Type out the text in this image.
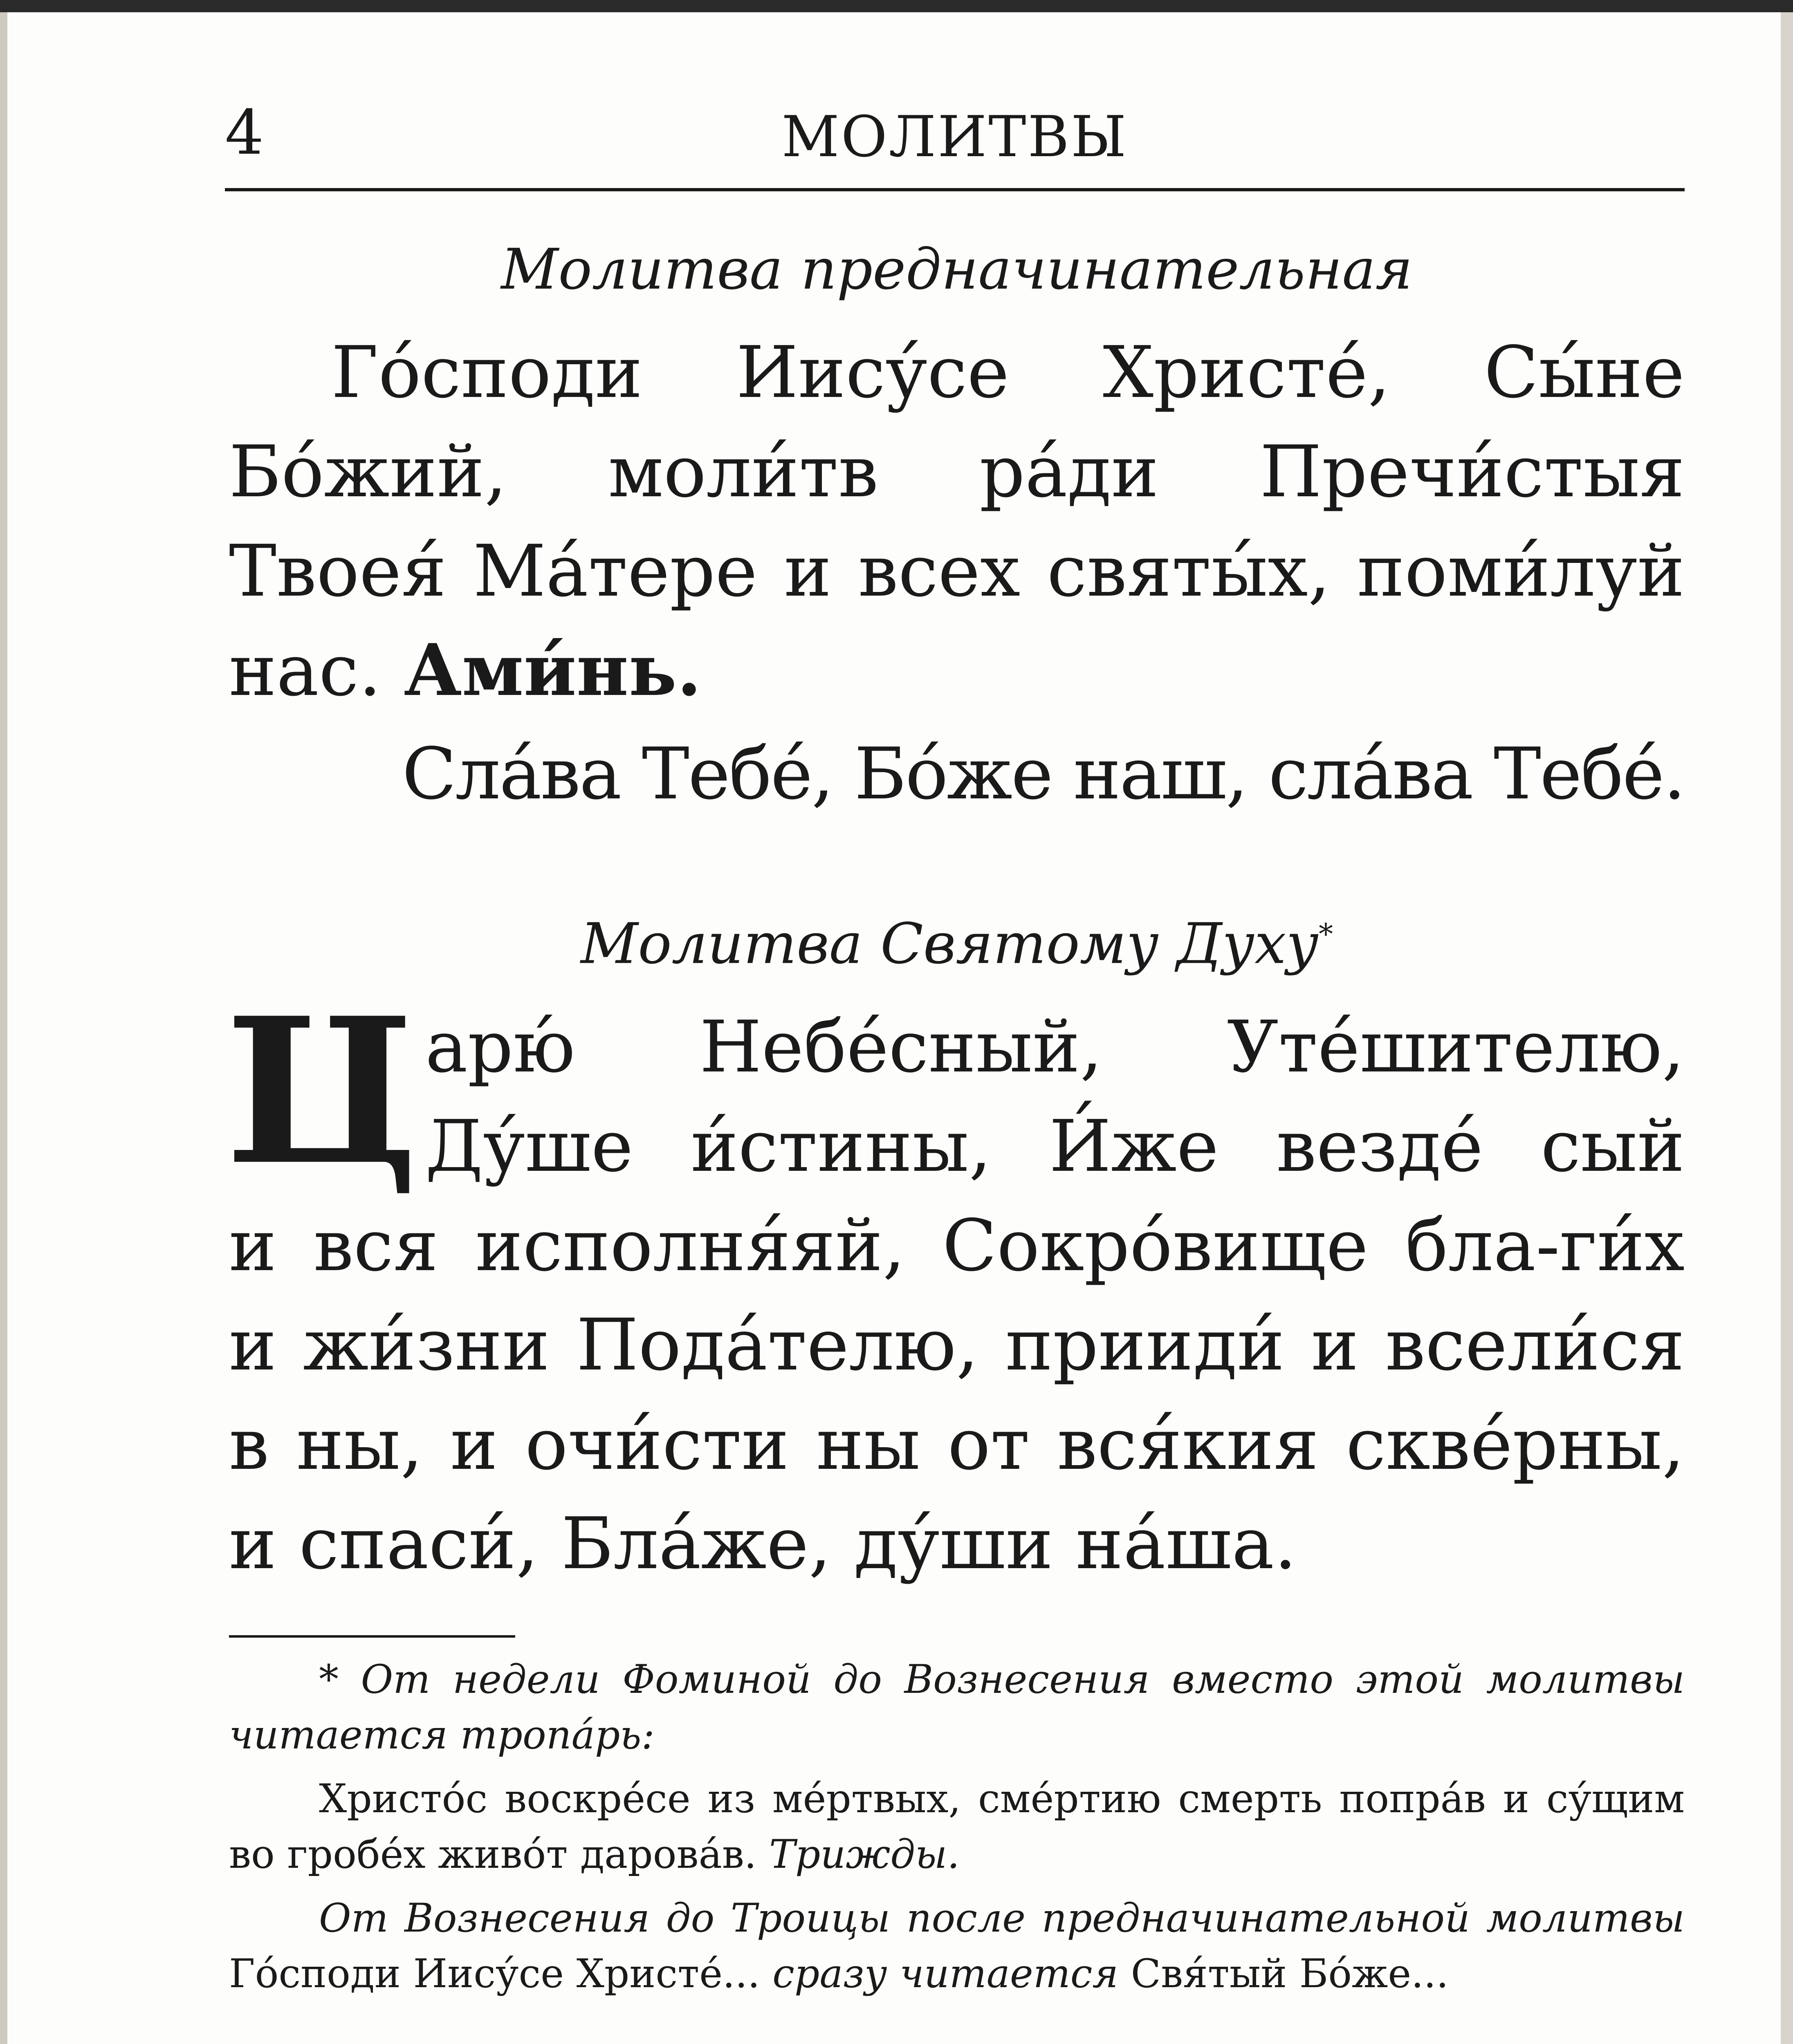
4	МОЛИТВЫ
Молитва предначинательная

Го́споди Иису́се Христе́, Сы́не Бо́жий, моли́тв ра́ди Пречи́стыя Твоея́ Ма́тере и всех святы́х, поми́луй нас. Ами́нь.

Сла́ва Тебе́, Бо́же наш, сла́ва Тебе́.

Молитва Святому Духу*
Ц арю́ Небе́сный, Уте́шителю,
Ду́ше и́стины, И́же везде́ сый

и вся исполня́яй, Сокро́вище бла-ги́х и жи́зни Пода́телю, прииди́ и всели́ся в ны, и очи́сти ны от вся́кия скве́рны, и спаси́, Бла́же, ду́ши на́ша.

* От недели Фоминой до Вознесения вместо этой молитвы читается тропа́рь:

Христо́с воскре́се из ме́ртвых, сме́ртию смерть попра́в и су́щим во гробе́х живо́т дарова́в. Трижды.

От Вознесения до Троицы после предначинательной молитвы Го́споди Иису́се Христе́... сразу читается Свя́тый Бо́же...
